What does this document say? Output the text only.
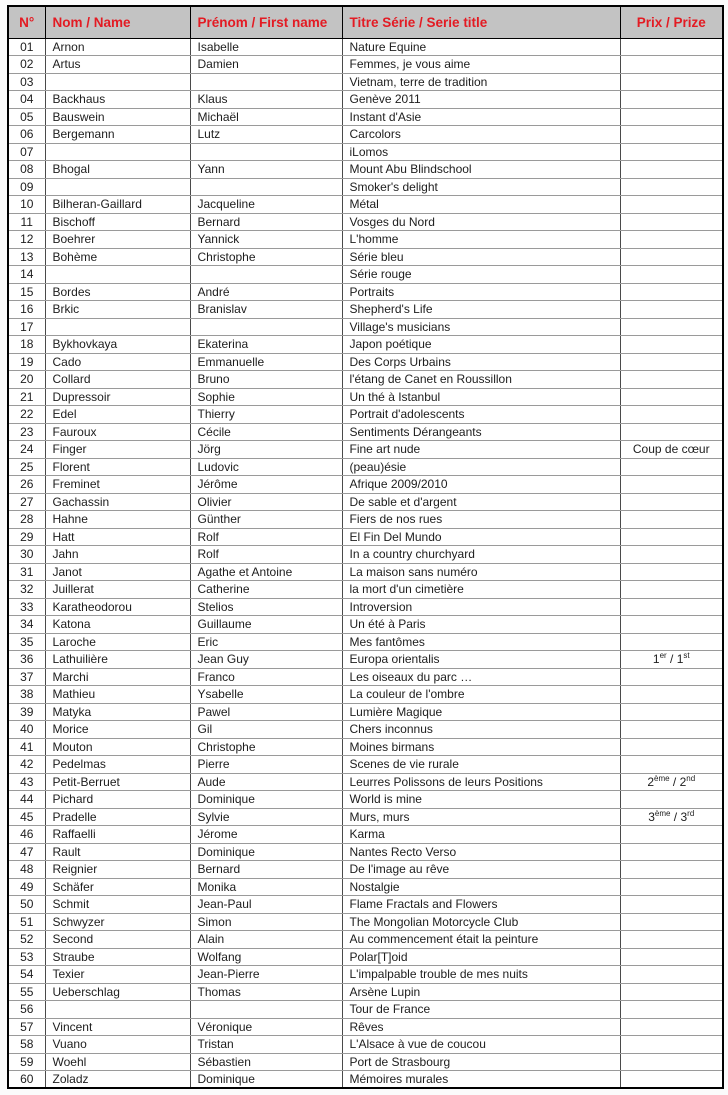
N°	Nom / Name	Prénom / First name	Titre Série / Serie title	Prix / Prize
01	Arnon	Isabelle	Nature Equine	
02	Artus	Damien	Femmes, je vous aime	
03			Vietnam, terre de tradition	
04	Backhaus	Klaus	Genève 2011	
05	Bauswein	Michaël	Instant d'Asie	
06	Bergemann	Lutz	Carcolors	
07			iLomos	
08	Bhogal	Yann	Mount Abu Blindschool	
09			Smoker's delight	
10	Bilheran-Gaillard	Jacqueline	Métal	
11	Bischoff	Bernard	Vosges du Nord	
12	Boehrer	Yannick	L'homme	
13	Bohème	Christophe	Série bleu	
14			Série rouge	
15	Bordes	André	Portraits	
16	Brkic	Branislav	Shepherd's Life	
17			Village's musicians	
18	Bykhovkaya	Ekaterina	Japon poétique	
19	Cado	Emmanuelle	Des Corps Urbains	
20	Collard	Bruno	l'étang de Canet en Roussillon	
21	Dupressoir	Sophie	Un thé à Istanbul	
22	Edel	Thierry	Portrait d'adolescents	
23	Fauroux	Cécile	Sentiments Dérangeants	
24	Finger	Jörg	Fine art nude	Coup de cœur
25	Florent	Ludovic	(peau)ésie	
26	Freminet	Jérôme	Afrique 2009/2010	
27	Gachassin	Olivier	De sable et d'argent	
28	Hahne	Günther	Fiers de nos rues	
29	Hatt	Rolf	El Fin Del Mundo	
30	Jahn	Rolf	In a country churchyard	
31	Janot	Agathe et Antoine	La maison sans numéro	
32	Juillerat	Catherine	la mort d'un cimetière	
33	Karatheodorou	Stelios	Introversion	
34	Katona	Guillaume	Un été à Paris	
35	Laroche	Eric	Mes fantômes	
36	Lathuilière	Jean Guy	Europa orientalis	1er / 1st
37	Marchi	Franco	Les oiseaux du parc …	
38	Mathieu	Ysabelle	La couleur de l'ombre	
39	Matyka	Pawel	Lumière Magique	
40	Morice	Gil	Chers inconnus	
41	Mouton	Christophe	Moines birmans	
42	Pedelmas	Pierre	Scenes de vie rurale	
43	Petit-Berruet	Aude	Leurres Polissons de leurs Positions	2ème / 2nd
44	Pichard	Dominique	World is mine	
45	Pradelle	Sylvie	Murs, murs	3ème / 3rd
46	Raffaelli	Jérome	Karma	
47	Rault	Dominique	Nantes Recto Verso	
48	Reignier	Bernard	De l'image au rêve	
49	Schäfer	Monika	Nostalgie	
50	Schmit	Jean-Paul	Flame Fractals and Flowers	
51	Schwyzer	Simon	The Mongolian Motorcycle Club	
52	Second	Alain	Au commencement était la peinture	
53	Straube	Wolfang	Polar[T]oid	
54	Texier	Jean-Pierre	L'impalpable trouble de mes nuits	
55	Ueberschlag	Thomas	Arsène Lupin	
56			Tour de France	
57	Vincent	Véronique	Rêves	
58	Vuano	Tristan	L'Alsace à vue de coucou	
59	Woehl	Sébastien	Port de Strasbourg	
60	Zoladz	Dominique	Mémoires murales	
